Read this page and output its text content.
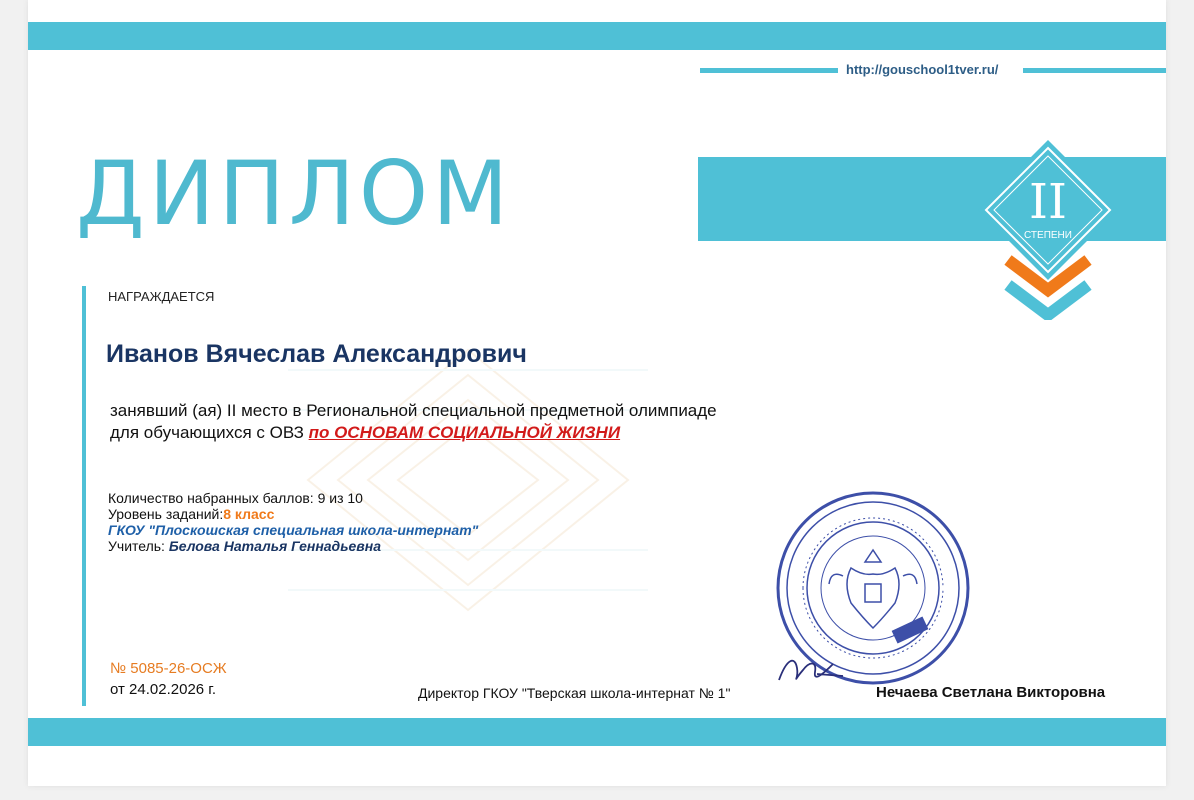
http://gouschool1tver.ru/
ДИПЛОМ	II
СТЕПЕНИ
НАГРАЖДАЕТСЯ
Иванов Вячеслав Александрович
занявший (ая) II место в Региональной специальной предметной олимпиаде
для обучающихся с ОВЗ по ОСНОВАМ СОЦИАЛЬНОЙ ЖИЗНИ
Количество набранных баллов: 9 из 10
Уровень заданий:8 класс
ГКОУ "Плоскошская специальная школа-интернат"
Учитель: Белова Наталья Геннадьевна
№ 5085-26-ОСЖ
от 24.02.2026 г.	Директор ГКОУ "Тверская школа-интернат № 1"	Нечаева Светлана Викторовна
